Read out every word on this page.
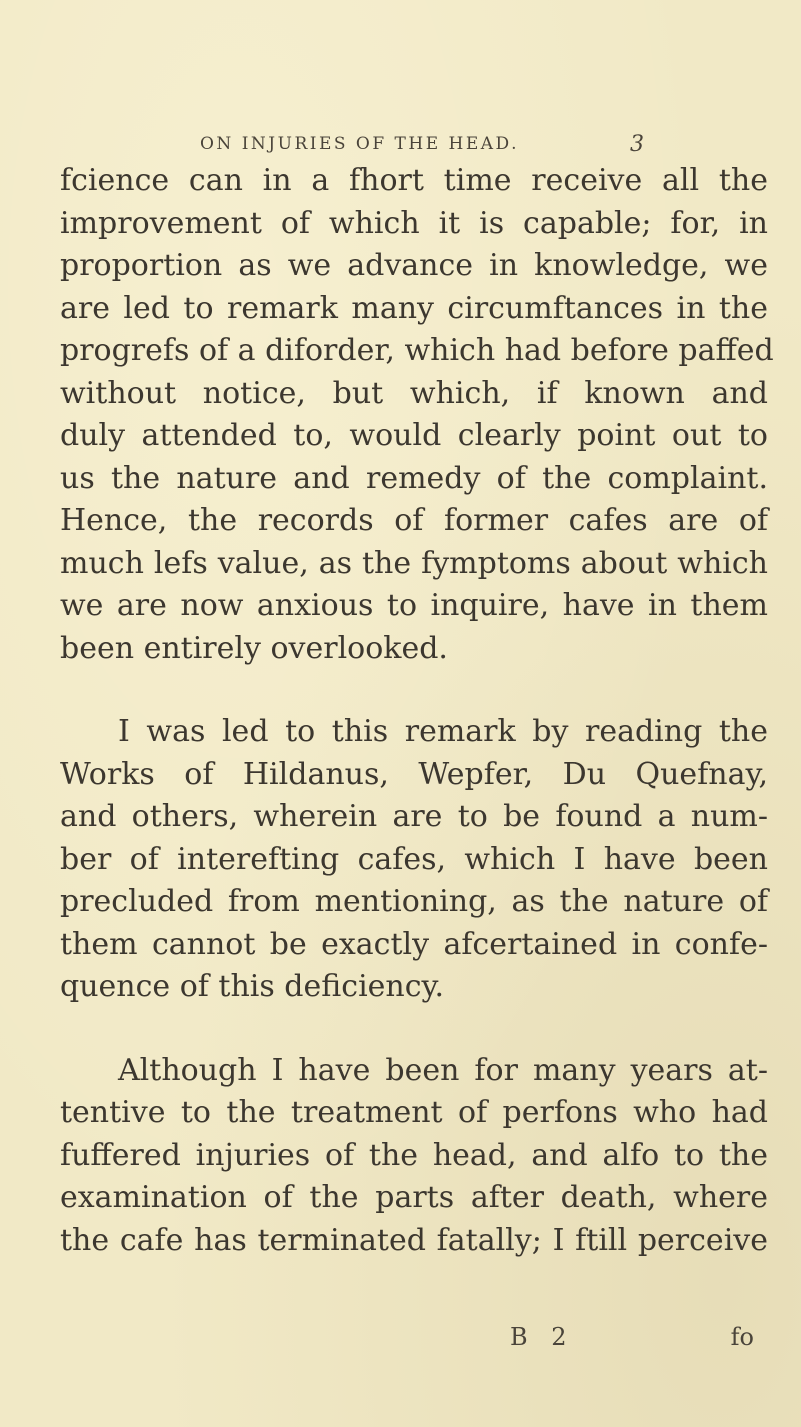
ON INJURIES OF THE HEAD.	3
fcience can in a fhort time receive all the
improvement of which it is capable; for, in
proportion as we advance in knowledge, we
are led to remark many circumftances in the
progrefs of a diforder, which had before paffed
without notice, but which, if known and
duly attended to, would clearly point out to
us the nature and remedy of the complaint.
Hence, the records of former cafes are of
much lefs value, as the fymptoms about which
we are now anxious to inquire, have in them
been entirely overlooked.
I was led to this remark by reading the
Works of Hildanus, Wepfer, Du Quefnay,
and others, wherein are to be found a num-
ber of interefting cafes, which I have been
precluded from mentioning, as the nature of
them cannot be exactly afcertained in confe-
quence of this deficiency.
Although I have been for many years at-
tentive to the treatment of perfons who had
fuffered injuries of the head, and alfo to the
examination of the parts after death, where
the cafe has terminated fatally; I ftill perceive
B 2	fo
